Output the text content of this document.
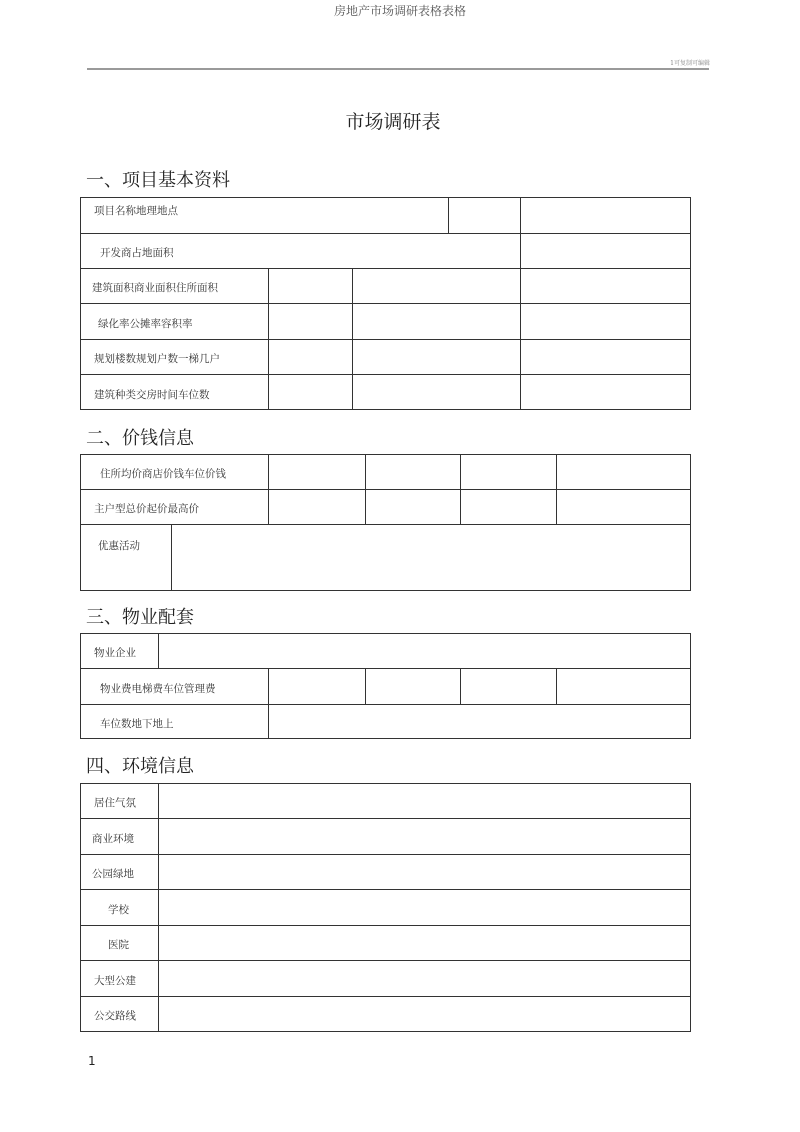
房地产市场调研表格表格
1可复制可编辑
市场调研表
一、项目基本资料
项目名称地理地点
开发商占地面积
建筑面积商业面积住所面积
绿化率公摊率容积率
规划楼数规划户数一梯几户
建筑种类交房时间车位数
二、价钱信息
住所均价商店价钱车位价钱
主户型总价起价最高价
优惠活动
三、物业配套
物业企业
物业费电梯费车位管理费
车位数地下地上
四、环境信息
居住气氛
商业环境
公园绿地
学校
医院
大型公建
公交路线
1
